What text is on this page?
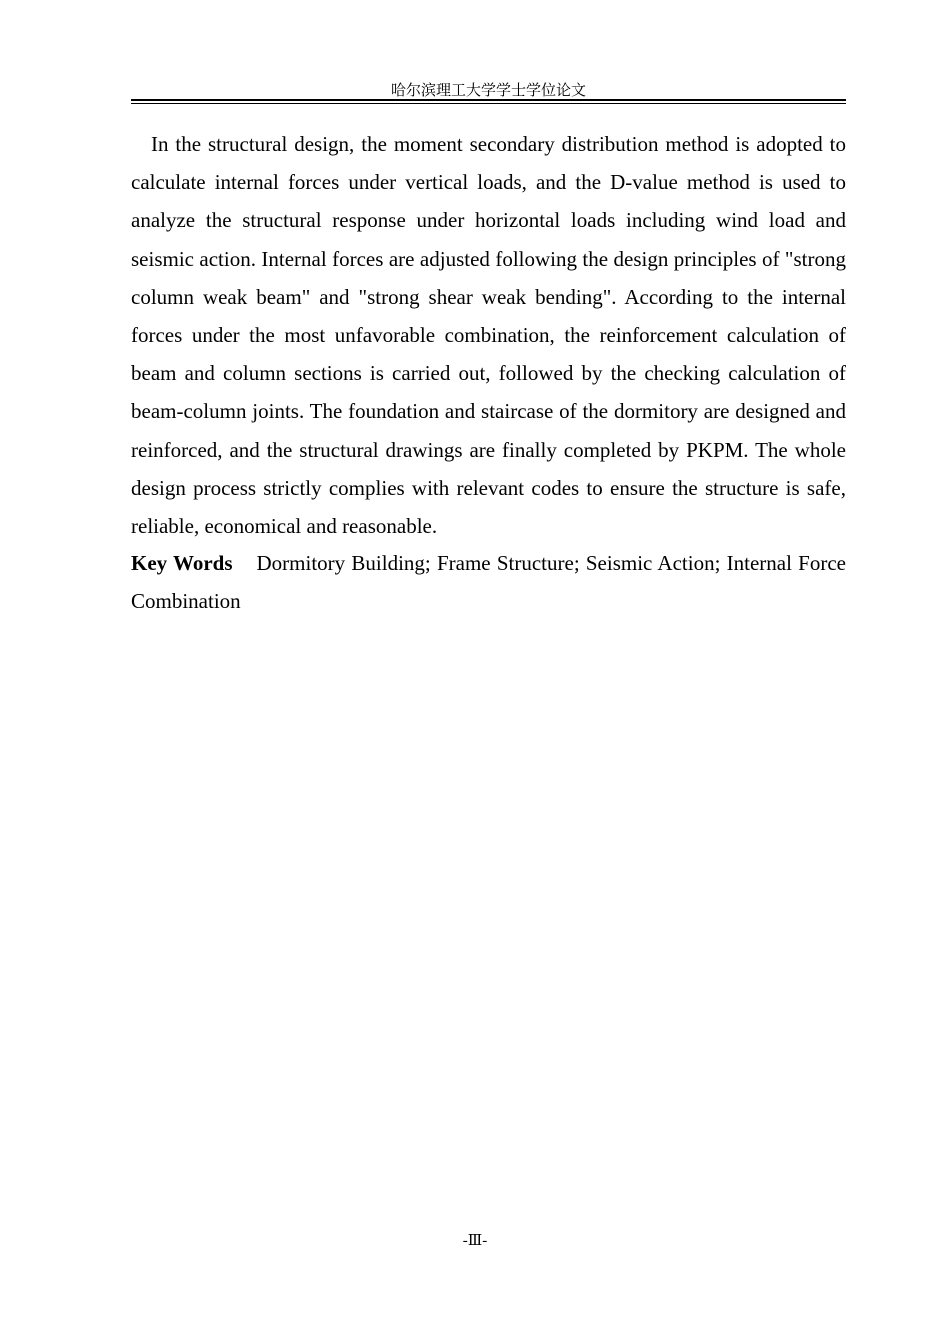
哈尔滨理工大学学士学位论文

In the structural design, the moment secondary distribution method is adopted to calculate internal forces under vertical loads, and the D-value method is used to analyze the structural response under horizontal loads including wind load and seismic action. Internal forces are adjusted following the design principles of "strong column weak beam" and "strong shear weak bending". According to the internal forces under the most unfavorable combination, the reinforcement calculation of beam and column sections is carried out, followed by the checking calculation of beam-column joints. The foundation and staircase of the dormitory are designed and reinforced, and the structural drawings are finally completed by PKPM. The whole design process strictly complies with relevant codes to ensure the structure is safe, reliable, economical and reasonable.

Key Words Dormitory Building; Frame Structure; Seismic Action; Internal Force Combination

-Ⅲ-
